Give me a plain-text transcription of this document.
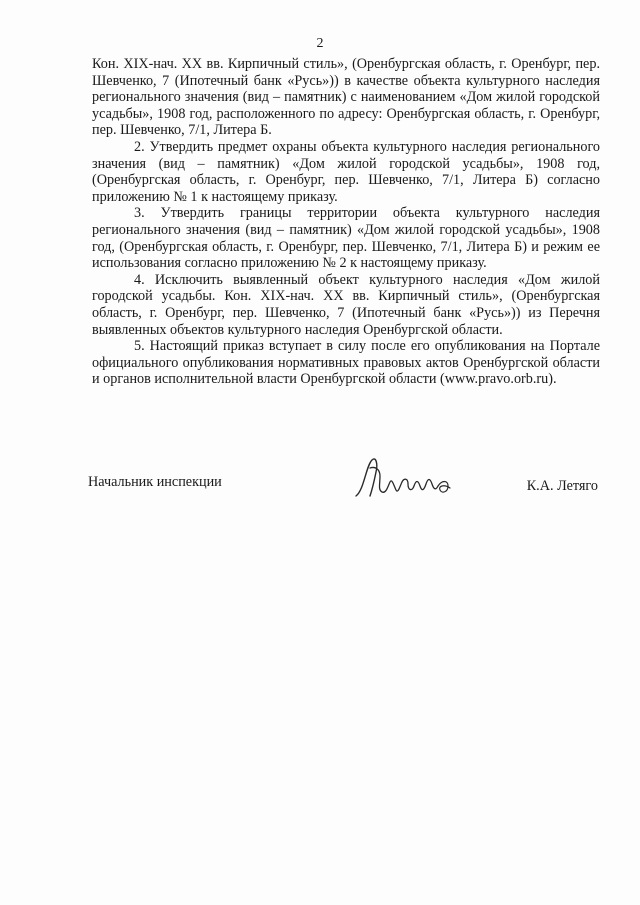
2

Кон. XIX-нач. XX вв. Кирпичный стиль», (Оренбургская область, г. Оренбург, пер. Шевченко, 7 (Ипотечный банк «Русь»)) в качестве объекта культурного наследия регионального значения (вид – памятник) с наименованием «Дом жилой городской усадьбы», 1908 год, расположенного по адресу: Оренбургская область, г. Оренбург, пер. Шевченко, 7/1, Литера Б.

2. Утвердить предмет охраны объекта культурного наследия регионального значения (вид – памятник) «Дом жилой городской усадьбы», 1908 год, (Оренбургская область, г. Оренбург, пер. Шевченко, 7/1, Литера Б) согласно приложению № 1 к настоящему приказу.

3. Утвердить границы территории объекта культурного наследия регионального значения (вид – памятник) «Дом жилой городской усадьбы», 1908 год, (Оренбургская область, г. Оренбург, пер. Шевченко, 7/1, Литера Б) и режим ее использования согласно приложению № 2 к настоящему приказу.

4. Исключить выявленный объект культурного наследия «Дом жилой городской усадьбы. Кон. XIX-нач. XX вв. Кирпичный стиль», (Оренбургская область, г. Оренбург, пер. Шевченко, 7 (Ипотечный банк «Русь»)) из Перечня выявленных объектов культурного наследия Оренбургской области.

5. Настоящий приказ вступает в силу после его опубликования на Портале официального опубликования нормативных правовых актов Оренбургской области и органов исполнительной власти Оренбургской области (www.pravo.orb.ru).

Начальник инспекции	К.А. Летяго
